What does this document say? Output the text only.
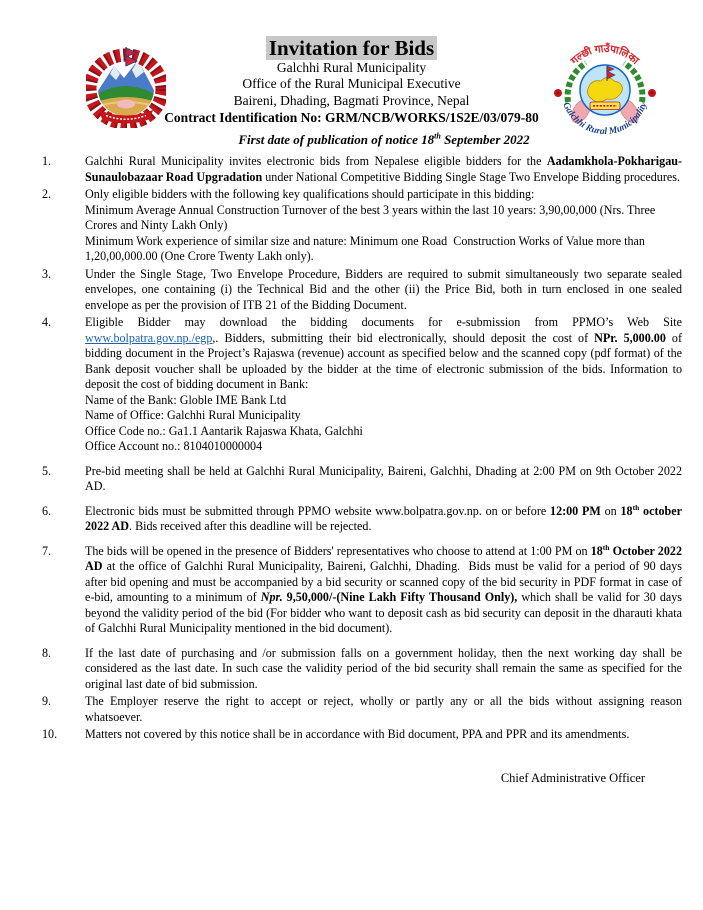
Invitation for Bids
Galchhi Rural Municipality
Office of the Rural Municipal Executive
Baireni, Dhading, Bagmati Province, Nepal
Contract Identification No: GRM/NCB/WORKS/1S2E/03/079-80
गल्छी गाउँपालिका
Galchhi Rural Municipality
First date of publication of notice 18th September 2022
1.	Galchhi Rural Municipality invites electronic bids from Nepalese eligible bidders for the Aadamkhola-Pokharigau-Sunaulobazaar Road Upgradation under National Competitive Bidding Single Stage Two Envelope Bidding procedures.
2.	Only eligible bidders with the following key qualifications should participate in this bidding:
Minimum Average Annual Construction Turnover of the best 3 years within the last 10 years: 3,90,00,000 (Nrs. Three Crores and Ninty Lakh Only)
Minimum Work experience of similar size and nature: Minimum one Road  Construction Works of Value more than 1,20,00,000.00 (One Crore Twenty Lakh only).
3.	Under the Single Stage, Two Envelope Procedure, Bidders are required to submit simultaneously two separate sealed envelopes, one containing (i) the Technical Bid and the other (ii) the Price Bid, both in turn enclosed in one sealed envelope as per the provision of ITB 21 of the Bidding Document.
4.	Eligible Bidder may download the bidding documents for e-submission from PPMO’s Web Site www.bolpatra.gov.np./egp,. Bidders, submitting their bid electronically, should deposit the cost of NPr. 5,000.00 of bidding document in the Project’s Rajaswa (revenue) account as specified below and the scanned copy (pdf format) of the Bank deposit voucher shall be uploaded by the bidder at the time of electronic submission of the bids. Information to deposit the cost of bidding document in Bank:
Name of the Bank: Globle IME Bank Ltd
Name of Office: Galchhi Rural Municipality
Office Code no.: Ga1.1 Aantarik Rajaswa Khata, Galchhi
Office Account no.: 8104010000004
5.	Pre-bid meeting shall be held at Galchhi Rural Municipality, Baireni, Galchhi, Dhading at 2:00 PM on 9th October 2022 AD.
6.	Electronic bids must be submitted through PPMO website www.bolpatra.gov.np. on or before 12:00 PM on 18th october 2022 AD. Bids received after this deadline will be rejected.
7.	The bids will be opened in the presence of Bidders' representatives who choose to attend at 1:00 PM on 18th October 2022 AD at the office of Galchhi Rural Municipality, Baireni, Galchhi, Dhading.  Bids must be valid for a period of 90 days after bid opening and must be accompanied by a bid security or scanned copy of the bid security in PDF format in case of e-bid, amounting to a minimum of Npr. 9,50,000/-(Nine Lakh Fifty Thousand Only), which shall be valid for 30 days beyond the validity period of the bid (For bidder who want to deposit cash as bid security can deposit in the dharauti khata of Galchhi Rural Municipality mentioned in the bid document).
8.	If the last date of purchasing and /or submission falls on a government holiday, then the next working day shall be considered as the last date. In such case the validity period of the bid security shall remain the same as specified for the original last date of bid submission.
9.	The Employer reserve the right to accept or reject, wholly or partly any or all the bids without assigning reason whatsoever.
10.	Matters not covered by this notice shall be in accordance with Bid document, PPA and PPR and its amendments.
Chief Administrative Officer
